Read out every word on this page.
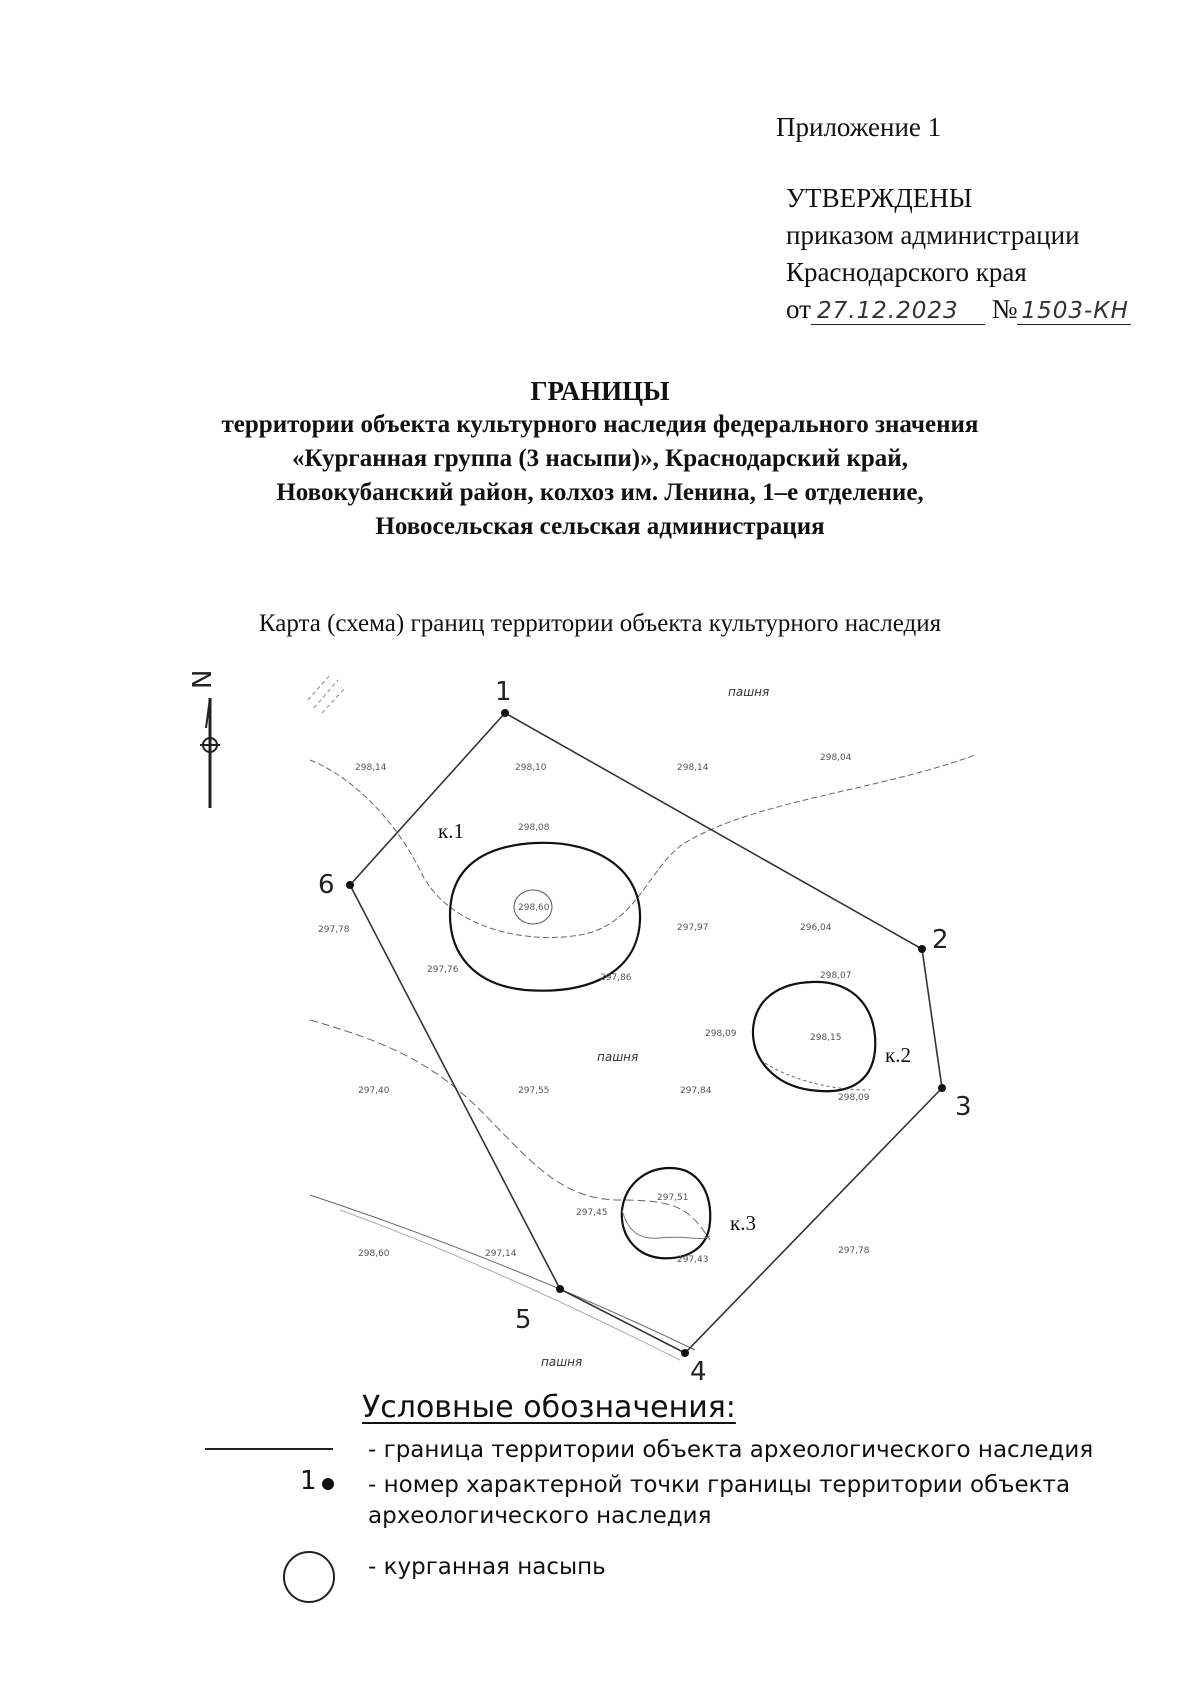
Приложение 1
УТВЕРЖДЕНЫ
приказом администрации
Краснодарского края
от 27.12.2023 № 1503-КН
ГРАНИЦЫ
территории объекта культурного наследия федерального значения
«Курганная группа (3 насыпи)», Краснодарский край,
Новокубанский район, колхоз им. Ленина, 1–е отделение,
Новосельская сельская администрация
Карта (схема) границ территории объекта культурного наследия
N	1
2
3
4
5
6
к.1
к.2
к.3
пашня
пашня
пашня
298,14	298,10	298,14
298,04
298,08
298,60
297,76
297,97	296,04
297,78
297,86	298,07
298,09	298,15
298,09
297,40	297,55	297,84
297,45
297,51
297,43
298,60	297,14	297,78
Условные обозначения:
- граница территории объекта археологического наследия
1 - номер характерной точки границы территории объекта
археологического наследия
- курганная насыпь
